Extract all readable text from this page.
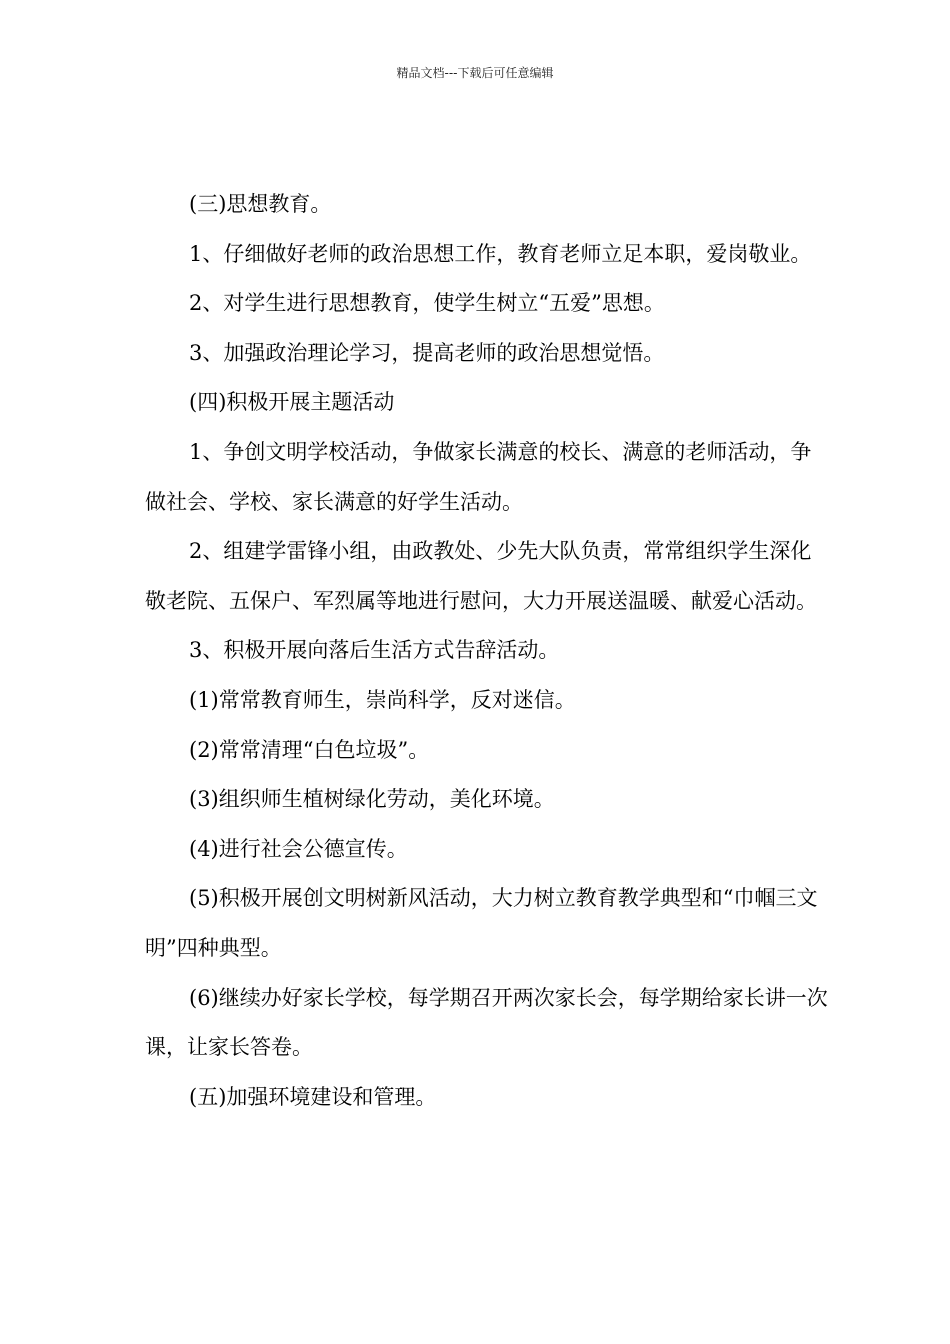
精品文档---下载后可任意编辑

(三)思想教育。

1、仔细做好老师的政治思想工作，教育老师立足本职，爱岗敬业。

2、对学生进行思想教育，使学生树立“五爱”思想。

3、加强政治理论学习，提高老师的政治思想觉悟。

(四)积极开展主题活动

1、争创文明学校活动，争做家长满意的校长、满意的老师活动，争做社会、学校、家长满意的好学生活动。

2、组建学雷锋小组，由政教处、少先大队负责，常常组织学生深化敬老院、五保户、军烈属等地进行慰问，大力开展送温暖、献爱心活动。

3、积极开展向落后生活方式告辞活动。

(1)常常教育师生，崇尚科学，反对迷信。

(2)常常清理“白色垃圾”。

(3)组织师生植树绿化劳动，美化环境。

(4)进行社会公德宣传。

(5)积极开展创文明树新风活动，大力树立教育教学典型和“巾帼三文明”四种典型。

(6)继续办好家长学校，每学期召开两次家长会，每学期给家长讲一次课，让家长答卷。

(五)加强环境建设和管理。
